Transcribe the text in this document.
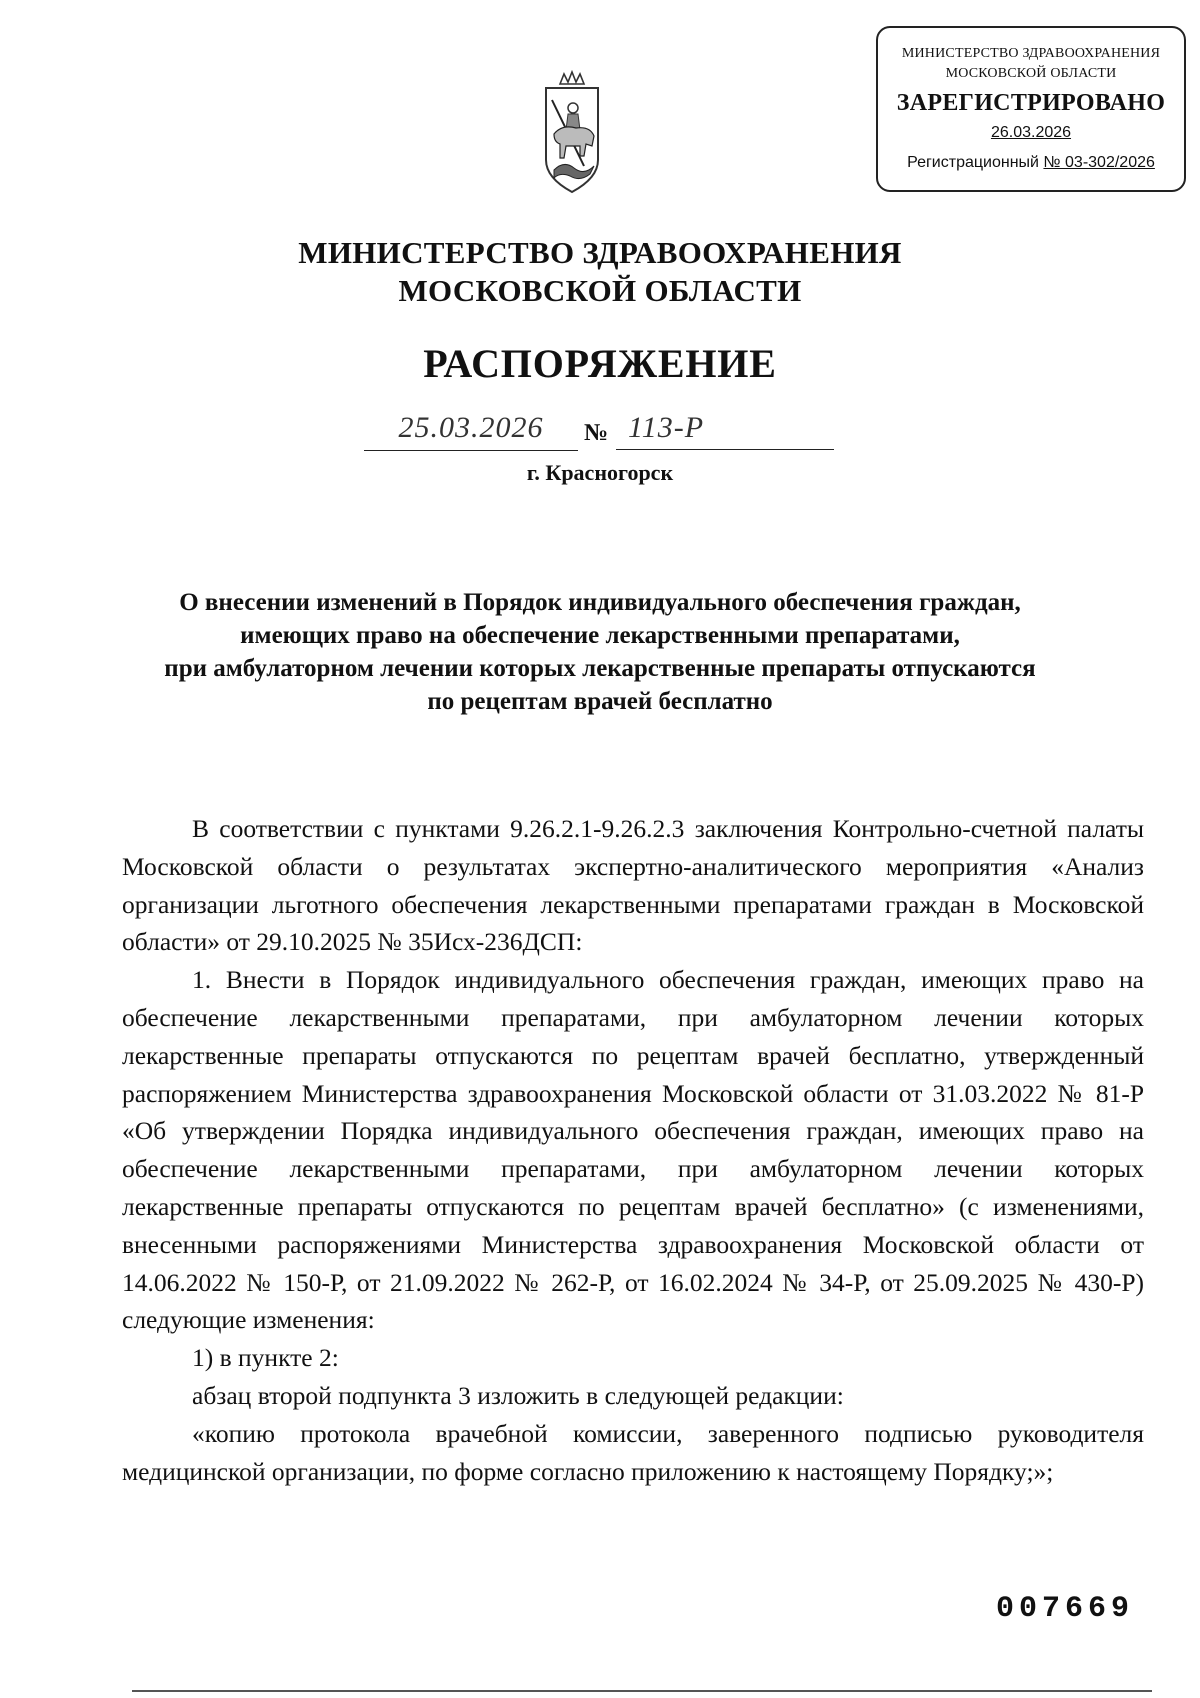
МИНИСТЕРСТВО ЗДРАВООХРАНЕНИЯ
МОСКОВСКОЙ ОБЛАСТИ
ЗАРЕГИСТРИРОВАНО
26.03.2026
Регистрационный № 03-302/2026
МИНИСТЕРСТВО ЗДРАВООХРАНЕНИЯ
МОСКОВСКОЙ ОБЛАСТИ
РАСПОРЯЖЕНИЕ
25.03.2026	№ 113-Р
г. Красногорск
О внесении изменений в Порядок индивидуального обеспечения граждан,
имеющих право на обеспечение лекарственными препаратами,
при амбулаторном лечении которых лекарственные препараты отпускаются
по рецептам врачей бесплатно

В соответствии с пунктами 9.26.2.1-9.26.2.3 заключения Контрольно-счетной палаты Московской области о результатах экспертно-аналитического мероприятия «Анализ организации льготного обеспечения лекарственными препаратами граждан в Московской области» от 29.10.2025 № 35Исх-236ДСП:

1. Внести в Порядок индивидуального обеспечения граждан, имеющих право на обеспечение лекарственными препаратами, при амбулаторном лечении которых лекарственные препараты отпускаются по рецептам врачей бесплатно, утвержденный распоряжением Министерства здравоохранения Московской области от 31.03.2022 № 81-Р «Об утверждении Порядка индивидуального обеспечения граждан, имеющих право на обеспечение лекарственными препаратами, при амбулаторном лечении которых лекарственные препараты отпускаются по рецептам врачей бесплатно» (с изменениями, внесенными распоряжениями Министерства здравоохранения Московской области от 14.06.2022 № 150-Р, от 21.09.2022 № 262-Р, от 16.02.2024 № 34-Р, от 25.09.2025 № 430-Р) следующие изменения:

1) в пункте 2:

абзац второй подпункта 3 изложить в следующей редакции:

«копию протокола врачебной комиссии, заверенного подписью руководителя медицинской организации, по форме согласно приложению к настоящему Порядку;»;

007669
